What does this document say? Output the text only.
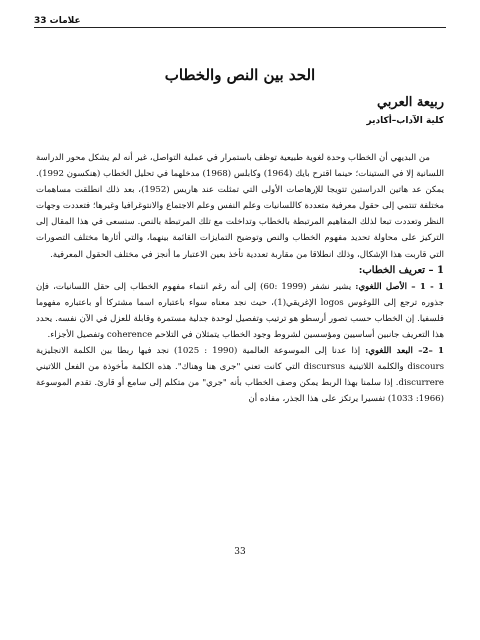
علامات 33
الحد بين النص والخطاب
ربيعة العربي
كلية الآداب–أكادير

من البديهي أن الخطاب وحدة لغوية طبيعية توظف باستمرار في عملية التواصل، غير أنه لم يشكل محور الدراسة اللسانية إلا في الستينات؛ حينما اقترح بايك (1964) وكابلس (1968) مدخلهما في تحليل الخطاب (هنكسون 1992). يمكن عد هاتين الدراستين تتويجا للإرهاصات الأولى التي تمثلت عند هاريس (1952)، بعد ذلك انطلقت مساهمات مختلفة تنتمي إلى حقول معرفية متعددة كاللسانيات وعلم النفس وعلم الاجتماع والانتوغرافيا وغيرها؛ فتعددت وجهات النظر وتعددت تبعا لذلك المفاهيم المرتبطة بالخطاب وتداخلت مع تلك المرتبطة بالنص. سنسعى في هذا المقال إلى التركيز على محاولة تحديد مفهوم الخطاب والنص وتوضيح التمايزات القائمة بينهما، والتي أثارها مختلف التصورات التي قاربت هذا الإشكال، وذلك انطلاقا من مقاربة تعددية تأخذ بعين الاعتبار ما أنجز في مختلف الحقول المعرفية.

1 – تعريف الخطاب:

1 - 1 – الأصل اللغوي: يشير نشفر (1999 :60) إلى أنه رغم انتماء مفهوم الخطاب إلى حقل اللسانيات، فإن جذوره ترجع إلى اللوغوس logos الإغريقي(1)، حيث نجد معناه سواء باعتباره اسما مشتركا أو باعتباره مفهوما فلسفيا. إن الخطاب حسب تصور أرسطو هو ترتيب وتفصيل لوحدة جدلية مستمرة وقابلة للعزل في الآن نفسه. يحدد هذا التعريف جانبين أساسيين ومؤسسين لشروط وجود الخطاب يتمثلان في التلاحم coherence وتفصيل الأجزاء.

1 –2– البعد اللغوي: إذا عدنا إلى الموسوعة العالمية (1990 : 1025) نجد فيها ربطا بين الكلمة الانجليزية discours والكلمة اللاتينية discursus التي كانت تعني "جرى هنا وهناك". هذه الكلمة مأخوذة من الفعل اللاتيني discurrere. إذا سلمنا بهذا الربط يمكن وصف الخطاب بأنه "جري" من متكلم إلى سامع أو قارئ. تقدم الموسوعة (1966: 1033) تفسيرا يرتكز على هذا الجذر، مفاده أن

33
